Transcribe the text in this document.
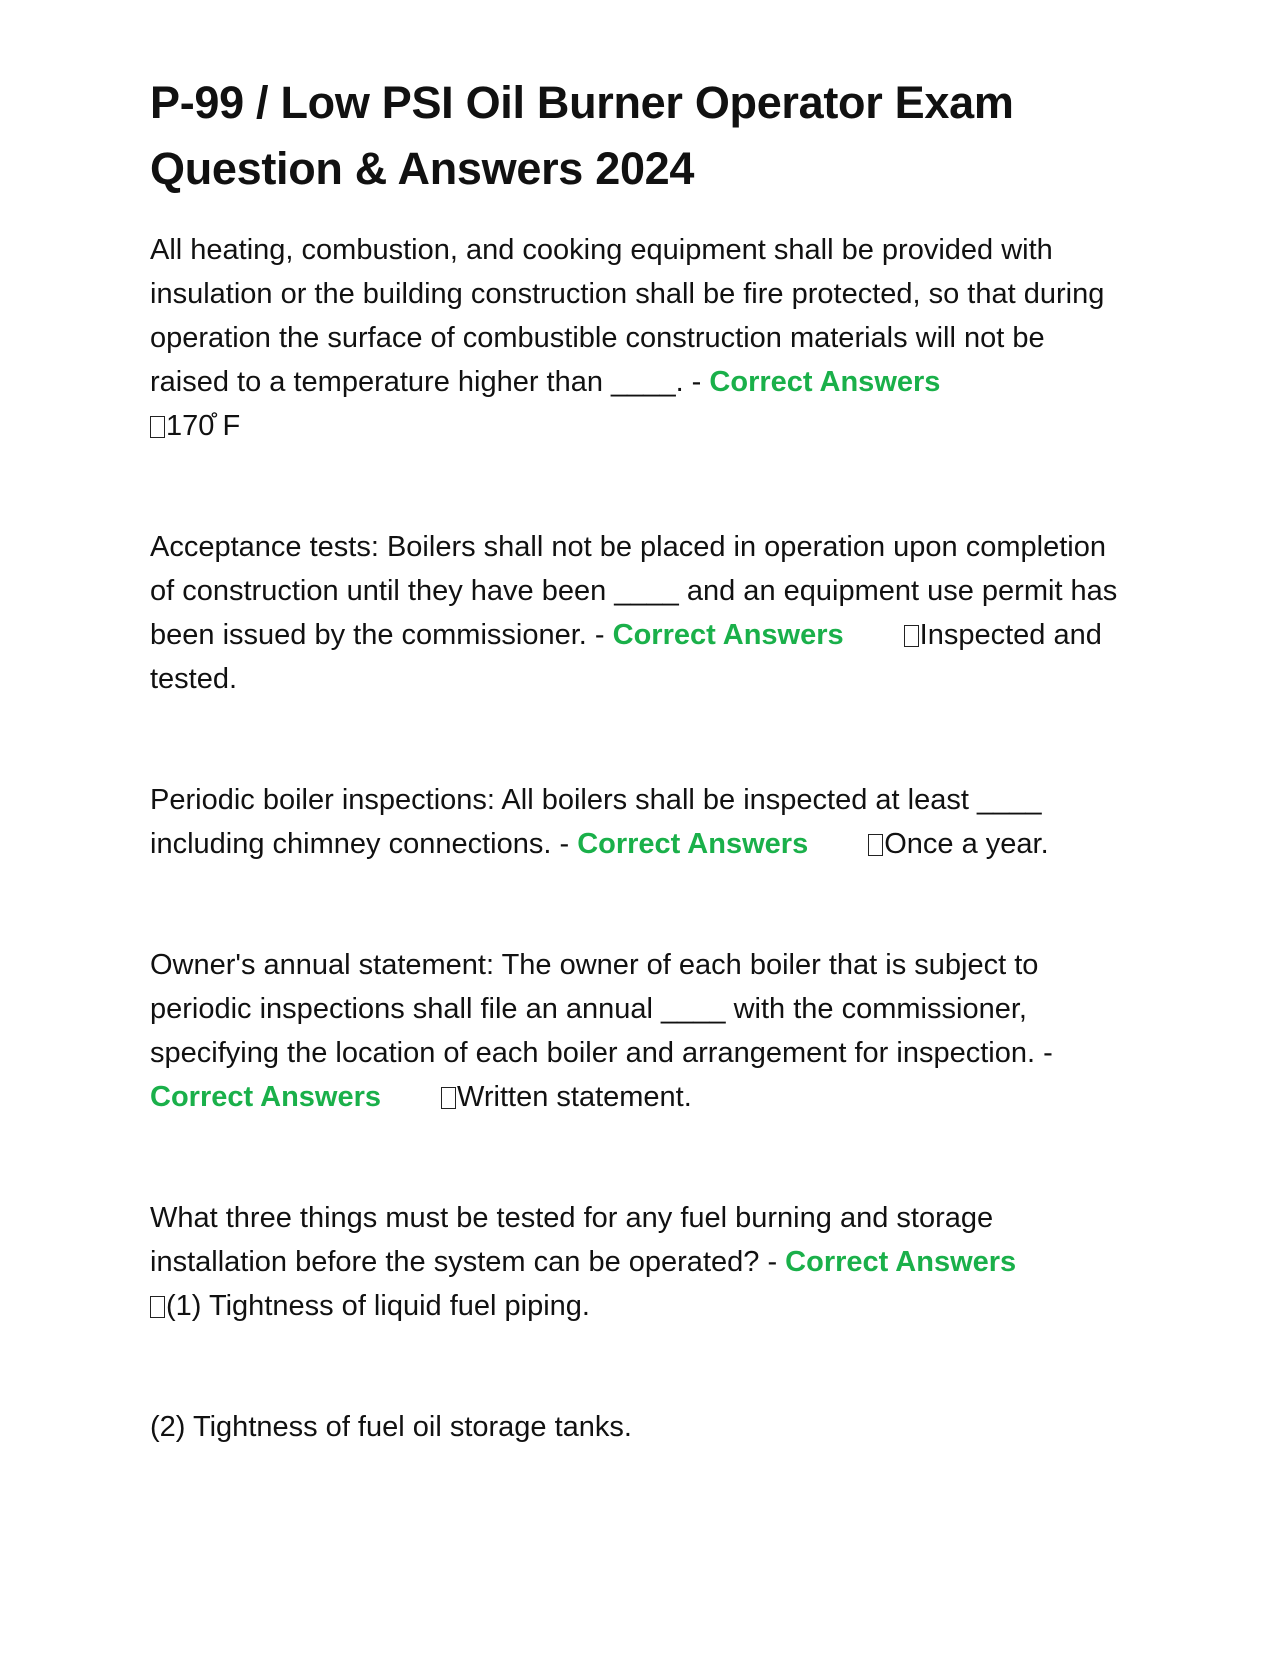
P-99 / Low PSI Oil Burner Operator Exam Question & Answers 2024

All heating, combustion, and cooking equipment shall be provided with insulation or the building construction shall be fire protected, so that during operation the surface of combustible construction materials will not be raised to a temperature higher than ____. - Correct Answers
170̊ F

Acceptance tests: Boilers shall not be placed in operation upon completion of construction until they have been ____ and an equipment use permit has been issued by the commissioner. - Correct Answers	Inspected and tested.

Periodic boiler inspections: All boilers shall be inspected at least ____ including chimney connections. - Correct Answers	Once a year.

Owner's annual statement: The owner of each boiler that is subject to periodic inspections shall file an annual ____ with the commissioner, specifying the location of each boiler and arrangement for inspection. - Correct Answers	Written statement.

What three things must be tested for any fuel burning and storage installation before the system can be operated? - Correct Answers
(1) Tightness of liquid fuel piping.

(2) Tightness of fuel oil storage tanks.
